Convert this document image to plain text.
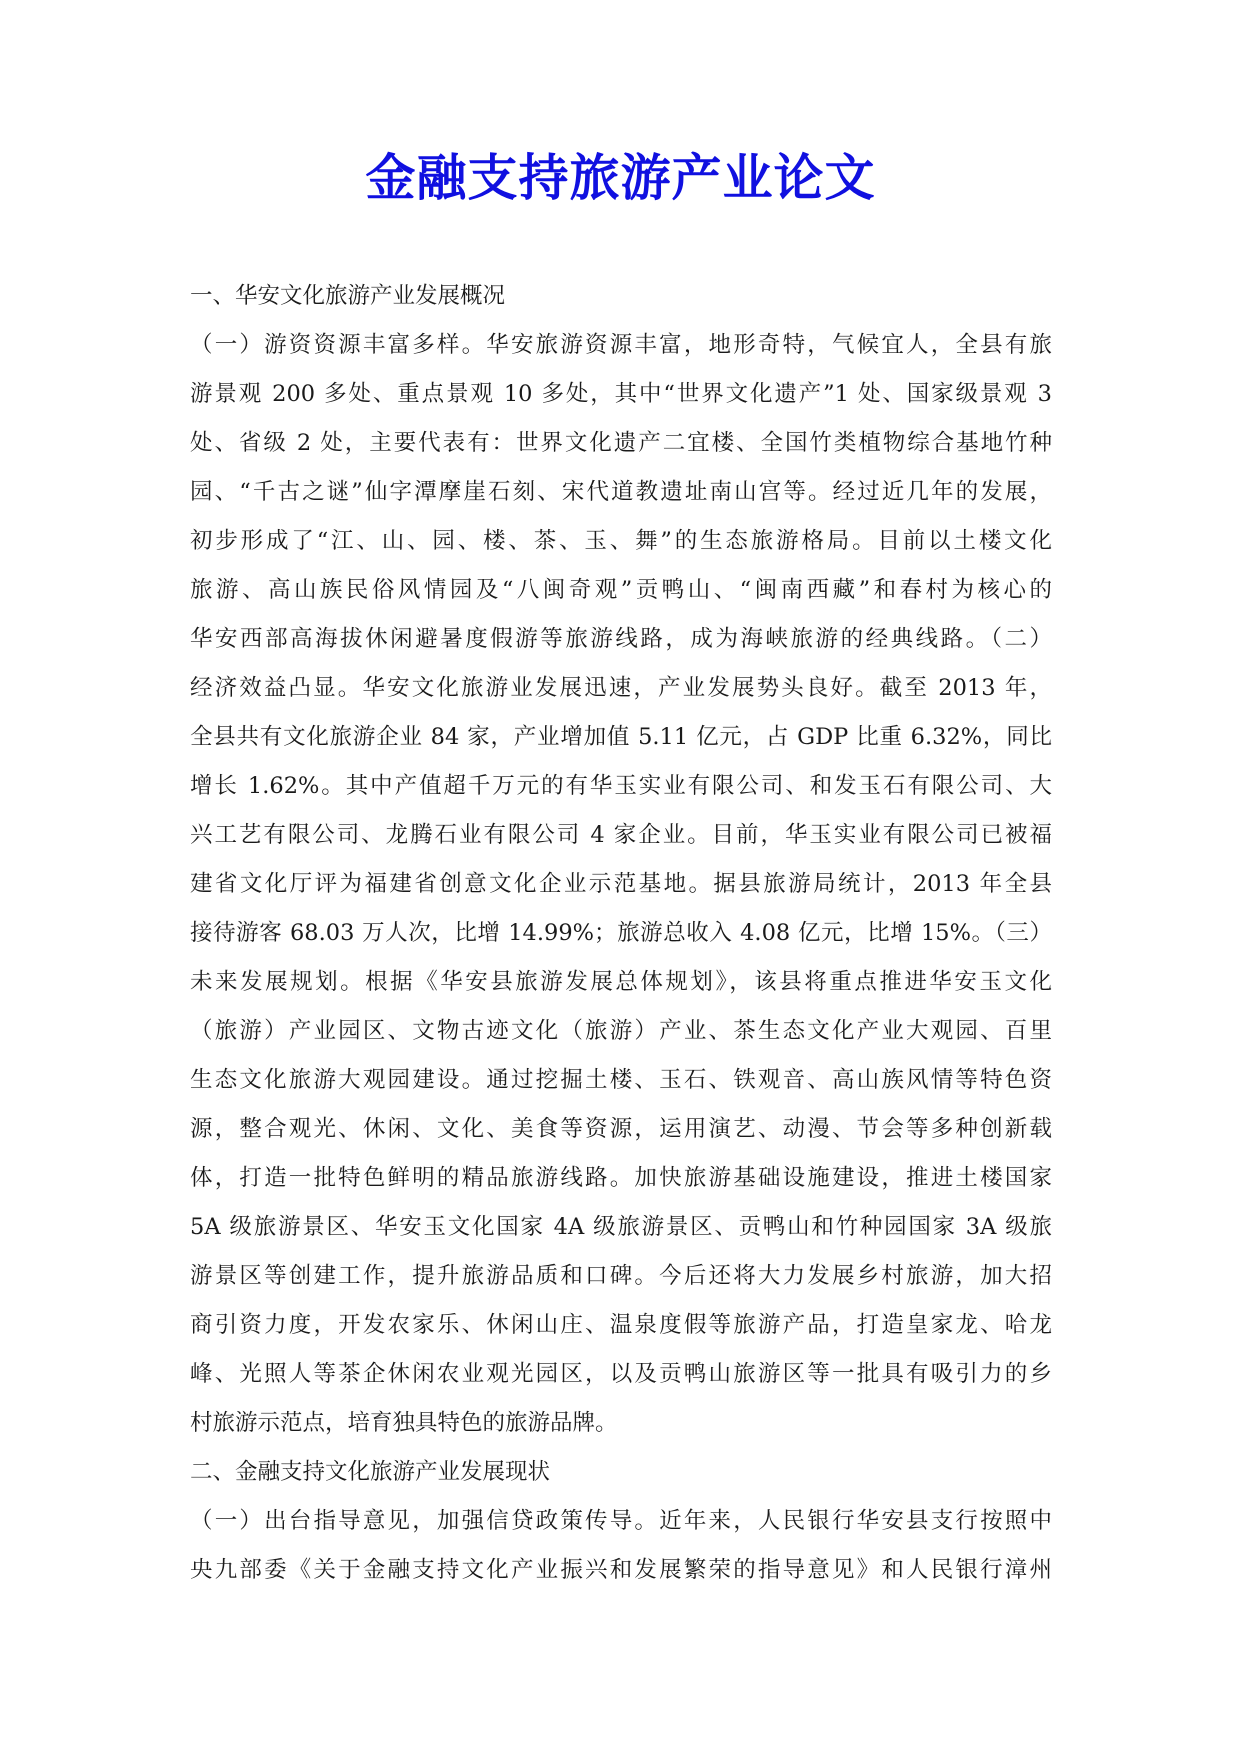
金融支持旅游产业论文
一、华安文化旅游产业发展概况
（一）游资资源丰富多样。华安旅游资源丰富，地形奇特，气候宜人，全县有旅
游景观 200 多处、重点景观 10 多处，其中“世界文化遗产”1 处、国家级景观 3
处、省级 2 处，主要代表有：世界文化遗产二宜楼、全国竹类植物综合基地竹种
园、“千古之谜”仙字潭摩崖石刻、宋代道教遗址南山宫等。经过近几年的发展，
初步形成了“江、山、园、楼、茶、玉、舞”的生态旅游格局。目前以土楼文化
旅游、高山族民俗风情园及“八闽奇观”贡鸭山、“闽南西藏”和春村为核心的
华安西部高海拔休闲避暑度假游等旅游线路，成为海峡旅游的经典线路。（二）
经济效益凸显。华安文化旅游业发展迅速，产业发展势头良好。截至 2013 年，
全县共有文化旅游企业 84 家，产业增加值 5.11 亿元，占 GDP 比重 6.32%，同比
增长 1.62%。其中产值超千万元的有华玉实业有限公司、和发玉石有限公司、大
兴工艺有限公司、龙腾石业有限公司 4 家企业。目前，华玉实业有限公司已被福
建省文化厅评为福建省创意文化企业示范基地。据县旅游局统计，2013 年全县
接待游客 68.03 万人次，比增 14.99%；旅游总收入 4.08 亿元，比增 15%。（三）
未来发展规划。根据《华安县旅游发展总体规划》，该县将重点推进华安玉文化
（旅游）产业园区、文物古迹文化（旅游）产业、茶生态文化产业大观园、百里
生态文化旅游大观园建设。通过挖掘土楼、玉石、铁观音、高山族风情等特色资
源，整合观光、休闲、文化、美食等资源，运用演艺、动漫、节会等多种创新载
体，打造一批特色鲜明的精品旅游线路。加快旅游基础设施建设，推进土楼国家
5A 级旅游景区、华安玉文化国家 4A 级旅游景区、贡鸭山和竹种园国家 3A 级旅
游景区等创建工作，提升旅游品质和口碑。今后还将大力发展乡村旅游，加大招
商引资力度，开发农家乐、休闲山庄、温泉度假等旅游产品，打造皇家龙、哈龙
峰、光照人等茶企休闲农业观光园区，以及贡鸭山旅游区等一批具有吸引力的乡
村旅游示范点，培育独具特色的旅游品牌。
二、金融支持文化旅游产业发展现状
（一）出台指导意见，加强信贷政策传导。近年来，人民银行华安县支行按照中
央九部委《关于金融支持文化产业振兴和发展繁荣的指导意见》和人民银行漳州
